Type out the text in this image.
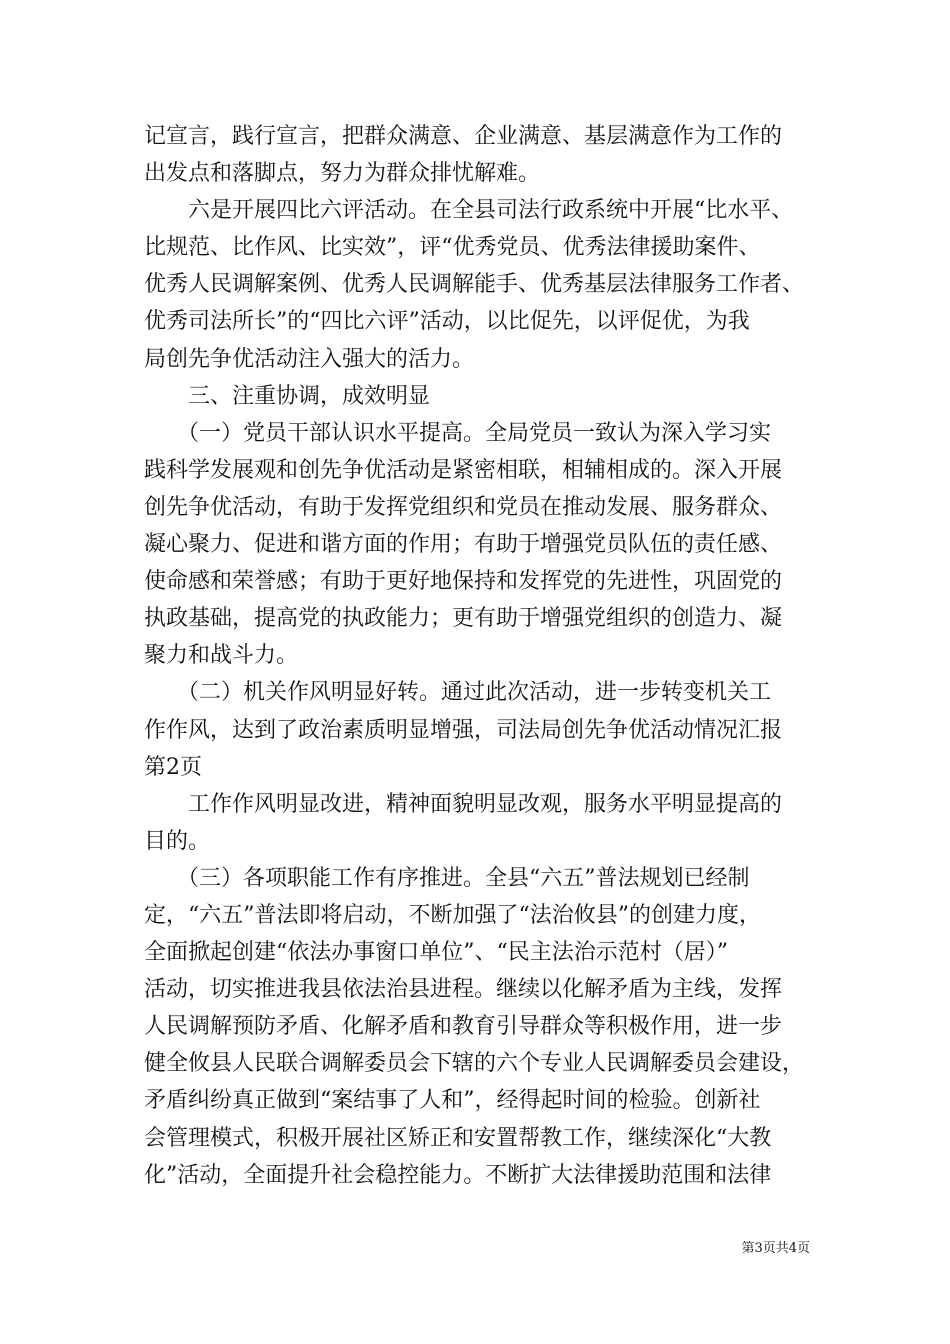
记宣言，践行宣言，把群众满意、企业满意、基层满意作为工作的
出发点和落脚点，努力为群众排忧解难。
　　六是开展四比六评活动。在全县司法行政系统中开展“比水平、
比规范、比作风、比实效”，评“优秀党员、优秀法律援助案件、
优秀人民调解案例、优秀人民调解能手、优秀基层法律服务工作者、
优秀司法所长”的“四比六评”活动，以比促先，以评促优，为我
局创先争优活动注入强大的活力。
　　三、注重协调，成效明显
　　（一）党员干部认识水平提高。全局党员一致认为深入学习实
践科学发展观和创先争优活动是紧密相联，相辅相成的。深入开展
创先争优活动，有助于发挥党组织和党员在推动发展、服务群众、
凝心聚力、促进和谐方面的作用；有助于增强党员队伍的责任感、
使命感和荣誉感；有助于更好地保持和发挥党的先进性，巩固党的
执政基础，提高党的执政能力；更有助于增强党组织的创造力、凝
聚力和战斗力。
　　（二）机关作风明显好转。通过此次活动，进一步转变机关工
作作风，达到了政治素质明显增强，司法局创先争优活动情况汇报
第2页
　　工作作风明显改进，精神面貌明显改观，服务水平明显提高的
目的。
　　（三）各项职能工作有序推进。全县“六五”普法规划已经制
定，“六五”普法即将启动，不断加强了“法治攸县”的创建力度，
全面掀起创建“依法办事窗口单位”、“民主法治示范村（居）”
活动，切实推进我县依法治县进程。继续以化解矛盾为主线，发挥
人民调解预防矛盾、化解矛盾和教育引导群众等积极作用，进一步
健全攸县人民联合调解委员会下辖的六个专业人民调解委员会建设，
矛盾纠纷真正做到“案结事了人和”，经得起时间的检验。创新社
会管理模式，积极开展社区矫正和安置帮教工作，继续深化“大教
化”活动，全面提升社会稳控能力。不断扩大法律援助范围和法律
第3页共4页
